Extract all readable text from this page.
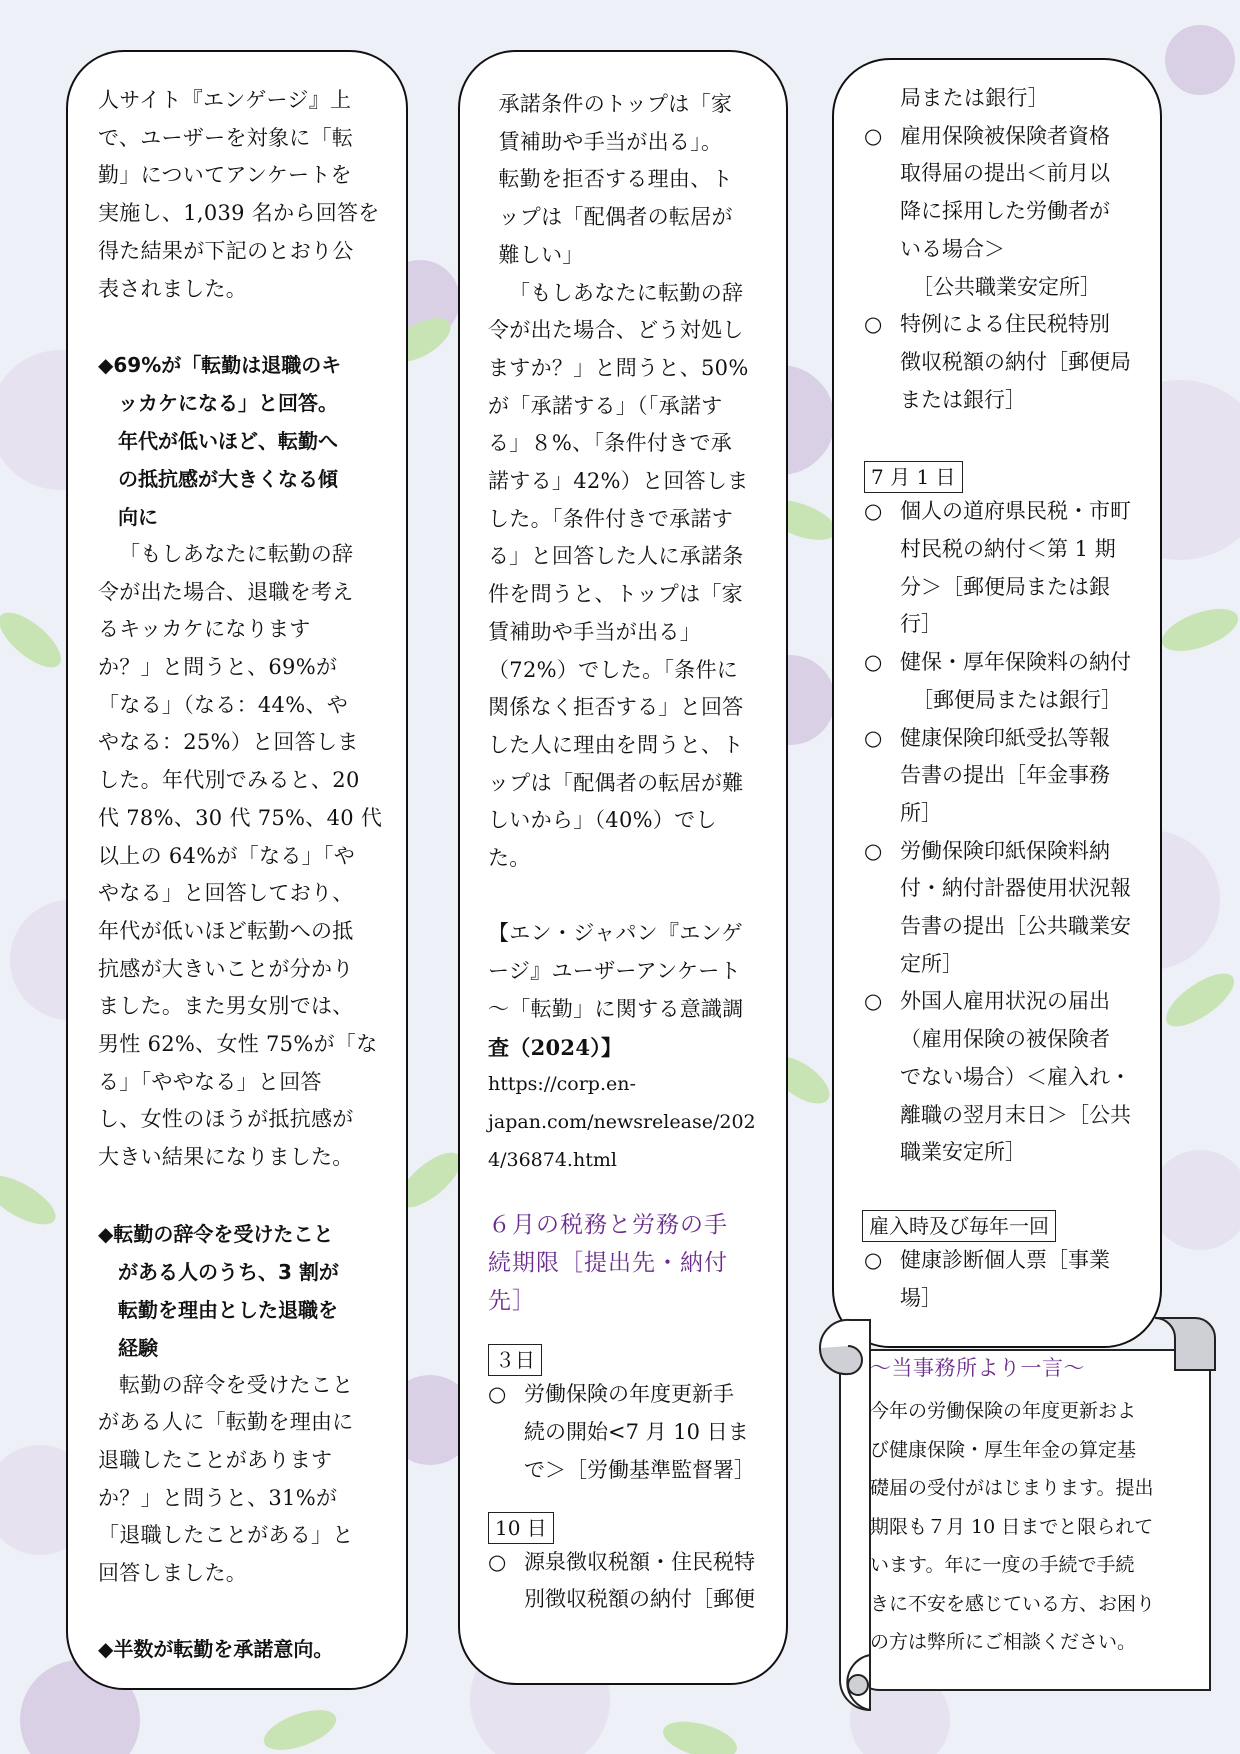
人サイト『エンゲージ』上

で、ユーザーを対象に「転

勤」についてアンケートを

実施し、1,039 名から回答を

得た結果が下記のとおり公

表されました。

◆69%が「転勤は退職のキ

ッカケになる」と回答。

年代が低いほど、転勤へ

の抵抗感が大きくなる傾

向に

「もしあなたに転勤の辞

令が出た場合、退職を考え

るキッカケになります

か？」と問うと、69%が

「なる」（なる：44%、や

やなる：25%）と回答しま

した。年代別でみると、20

代 78%、30 代 75%、40 代

以上の 64%が「なる」「や

やなる」と回答しており、

年代が低いほど転勤への抵

抗感が大きいことが分かり

ました。また男女別では、

男性 62%、女性 75%が「な

る」「ややなる」と回答

し、女性のほうが抵抗感が

大きい結果になりました。

◆転勤の辞令を受けたこと

がある人のうち、3 割が

転勤を理由とした退職を

経験

転勤の辞令を受けたこと

がある人に「転勤を理由に

退職したことがあります

か？」と問うと、31%が

「退職したことがある」と

回答しました。

◆半数が転勤を承諾意向。

承諾条件のトップは「家

賃補助や手当が出る」。

転勤を拒否する理由、ト

ップは「配偶者の転居が

難しい」

「もしあなたに転勤の辞

令が出た場合、どう対処し

ますか？」と問うと、50%

が「承諾する」（「承諾す

る」８%、「条件付きで承

諾する」42%）と回答しま

した。「条件付きで承諾す

る」と回答した人に承諾条

件を問うと、トップは「家

賃補助や手当が出る」

（72%）でした。「条件に

関係なく拒否する」と回答

した人に理由を問うと、ト

ップは「配偶者の転居が難

しいから」（40%）でし

た。

【エン・ジャパン『エンゲ

ージ』ユーザーアンケート

～「転勤」に関する意識調

査（2024）】

https://corp.en-

japan.com/newsrelease/202

4/36874.html

６月の税務と労務の手
続期限［提出先・納付先］
３日
○ 労働保険の年度更新手
続の開始<7 月 10 日ま
で＞［労働基準監督署］
10 日
○ 源泉徴収税額・住民税特
別徴収税額の納付［郵便

局または銀行］

○ 雇用保険被保険者資格
取得届の提出＜前月以
降に採用した労働者が
いる場合＞
［公共職業安定所］
○ 特例による住民税特別
徴収税額の納付［郵便局
または銀行］
7 月 1 日
○ 個人の道府県民税・市町
村民税の納付＜第 1 期
分＞［郵便局または銀
行］
○ 健保・厚年保険料の納付
［郵便局または銀行］
○ 健康保険印紙受払等報
告書の提出［年金事務
所］
○ 労働保険印紙保険料納
付・納付計器使用状況報
告書の提出［公共職業安
定所］
○ 外国人雇用状況の届出
（雇用保険の被保険者
でない場合）＜雇入れ・
離職の翌月末日＞［公共
職業安定所］
雇入時及び毎年一回
○ 健康診断個人票［事業
場］
～当事務所より一言～
今年の労働保険の年度更新およ
び健康保険・厚生年金の算定基
礎届の受付がはじまります。提出
期限も７月 10 日までと限られて
います。年に一度の手続で手続
きに不安を感じている方、お困り
の方は弊所にご相談ください。
